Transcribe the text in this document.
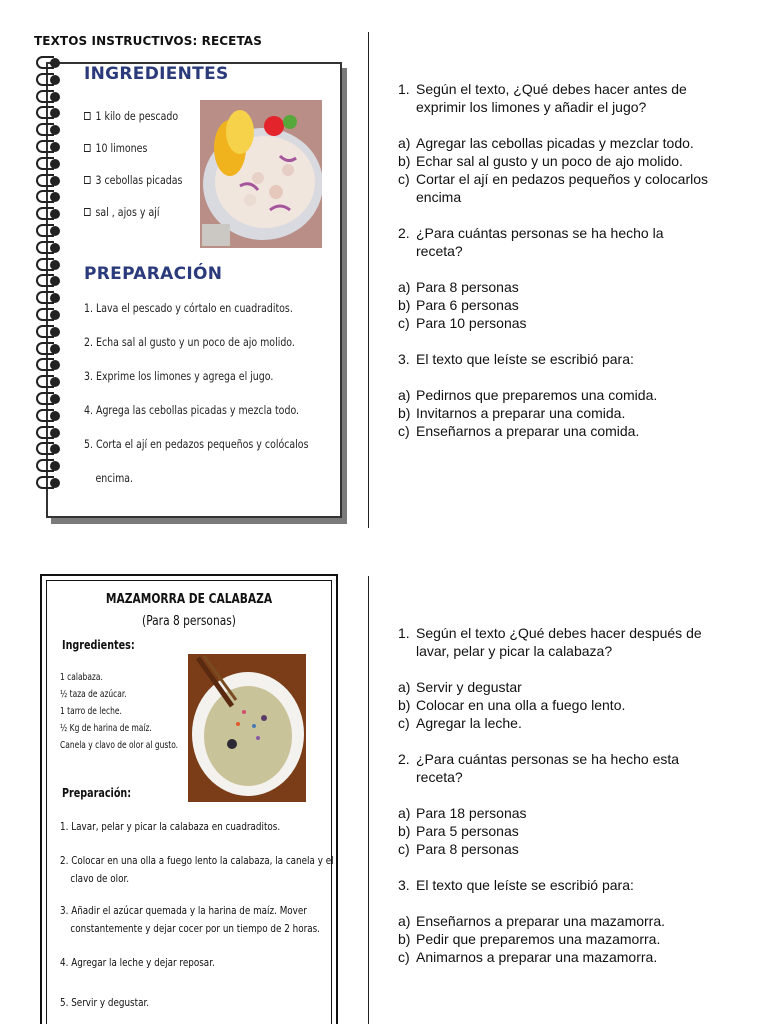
TEXTOS INSTRUCTIVOS: RECETAS
INGREDIENTES
1 kilo de pescado
10 limones
3 cebollas picadas
sal , ajos y ají
PREPARACIÓN
1. Lava el pescado y córtalo en cuadraditos.
2. Echa sal al gusto y un poco de ajo molido.
3. Exprime los limones y agrega el jugo.
4. Agrega las cebollas picadas y mezcla todo.
5. Corta el ají en pedazos pequeños y colócalos
encima.
1. Según el texto, ¿Qué debes hacer antes de exprimir los limones y añadir el jugo?
a) Agregar las cebollas picadas y mezclar todo.
b) Echar sal al gusto y un poco de ajo molido.
c) Cortar el ají en pedazos pequeños y colocarlos encima
2. ¿Para cuántas personas se ha hecho la receta?
a) Para 8 personas
b) Para 6 personas
c) Para 10 personas
3. El texto que leíste se escribió para:
a) Pedirnos que preparemos una comida.
b) Invitarnos a preparar una comida.
c) Enseñarnos a preparar una comida.
MAZAMORRA DE CALABAZA
(Para 8 personas)
Ingredientes:
1 calabaza.
½ taza de azúcar.
1 tarro de leche.
½ Kg de harina de maíz.
Canela y clavo de olor al gusto.
Preparación:
1. Lavar, pelar y picar la calabaza en cuadraditos.
2. Colocar en una olla a fuego lento la calabaza, la canela y el
clavo de olor.
3. Añadir el azúcar quemada y la harina de maíz. Mover
constantemente y dejar cocer por un tiempo de 2 horas.
4. Agregar la leche y dejar reposar.
5. Servir y degustar.
1. Según el texto ¿Qué debes hacer después de lavar, pelar y picar la calabaza?
a) Servir y degustar
b) Colocar en una olla a fuego lento.
c) Agregar la leche.
2. ¿Para cuántas personas se ha hecho esta receta?
a) Para 18 personas
b) Para 5 personas
c) Para 8 personas
3. El texto que leíste se escribió para:
a) Enseñarnos a preparar una mazamorra.
b) Pedir que preparemos una mazamorra.
c) Animarnos a preparar una mazamorra.
